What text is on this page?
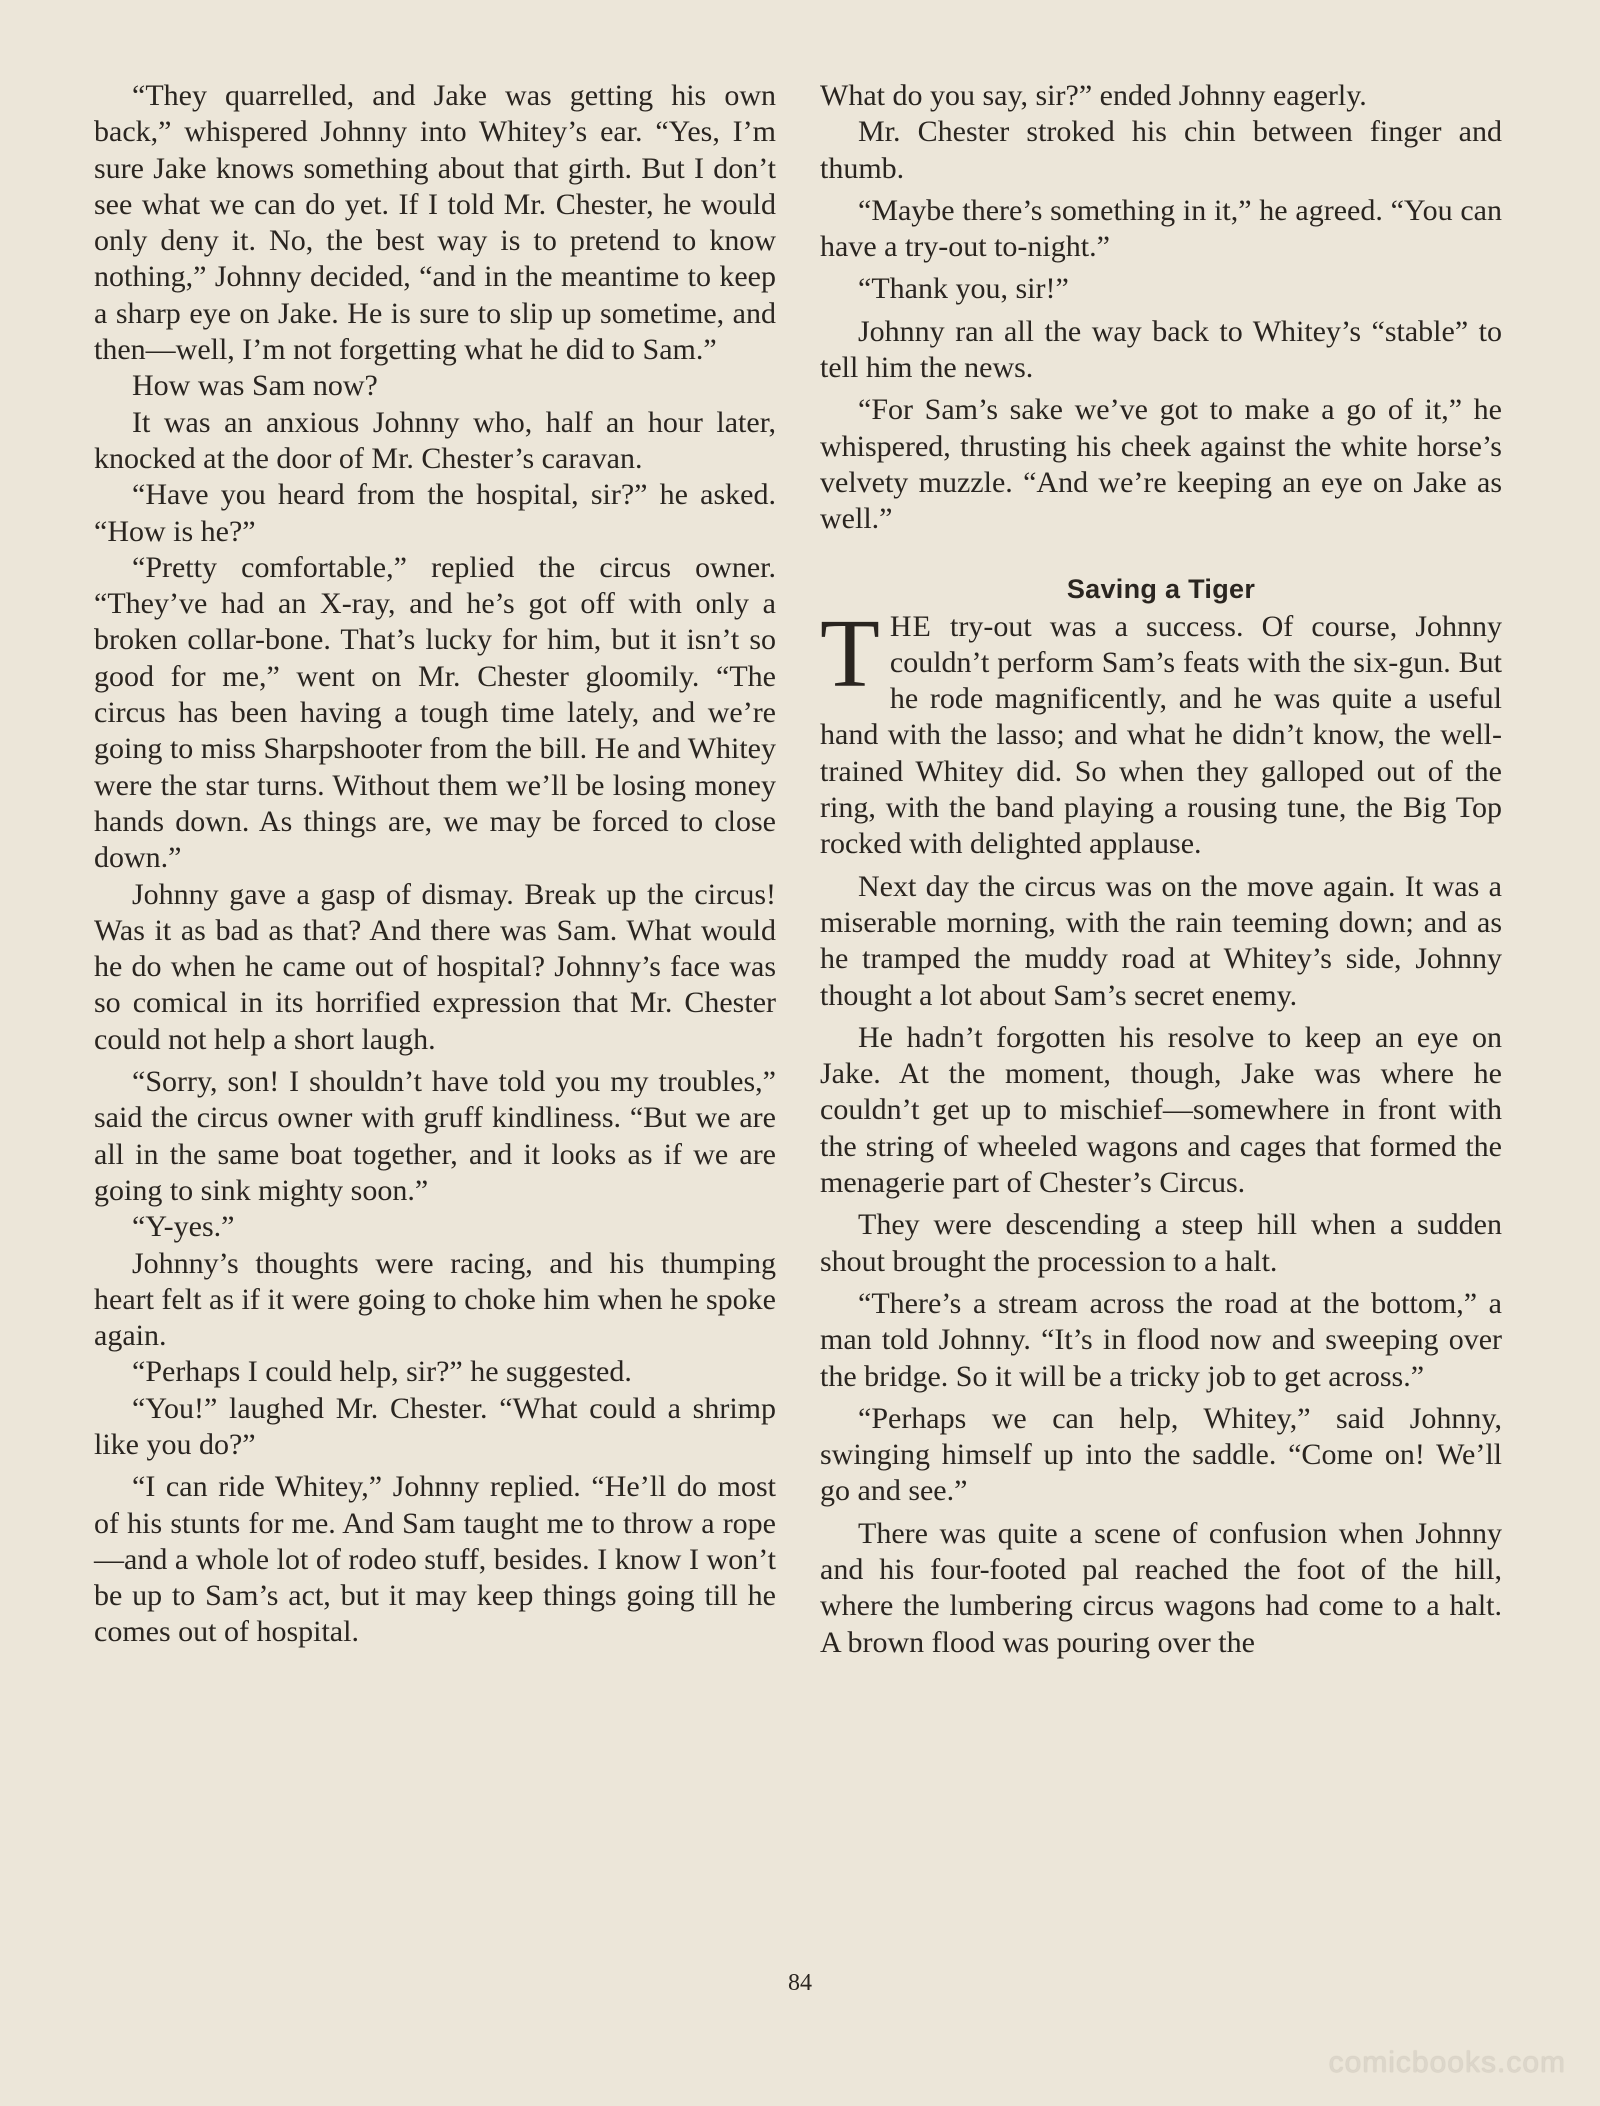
“They quarrelled, and Jake was getting his own back,” whispered Johnny into Whitey’s ear. “Yes, I’m sure Jake knows something about that girth. But I don’t see what we can do yet. If I told Mr. Chester, he would only deny it. No, the best way is to pretend to know nothing,” Johnny decided, “and in the meantime to keep a sharp eye on Jake. He is sure to slip up sometime, and then—well, I’m not forgetting what he did to Sam.”

How was Sam now?

It was an anxious Johnny who, half an hour later, knocked at the door of Mr. Chester’s caravan.

“Have you heard from the hospital, sir?” he asked. “How is he?”

“Pretty comfortable,” replied the circus owner. “They’ve had an X-ray, and he’s got off with only a broken collar-bone. That’s lucky for him, but it isn’t so good for me,” went on Mr. Chester gloomily. “The circus has been having a tough time lately, and we’re going to miss Sharpshooter from the bill. He and Whitey were the star turns. Without them we’ll be losing money hands down. As things are, we may be forced to close down.”

Johnny gave a gasp of dismay. Break up the circus! Was it as bad as that? And there was Sam. What would he do when he came out of hospital? Johnny’s face was so comical in its horrified expression that Mr. Chester could not help a short laugh.

“Sorry, son! I shouldn’t have told you my troubles,” said the circus owner with gruff kindliness. “But we are all in the same boat together, and it looks as if we are going to sink mighty soon.”

“Y-yes.”

Johnny’s thoughts were racing, and his thumping heart felt as if it were going to choke him when he spoke again.

“Perhaps I could help, sir?” he suggested.

“You!” laughed Mr. Chester. “What could a shrimp like you do?”

“I can ride Whitey,” Johnny replied. “He’ll do most of his stunts for me. And Sam taught me to throw a rope—and a whole lot of rodeo stuff, besides. I know I won’t be up to Sam’s act, but it may keep things going till he comes out of hospital.

What do you say, sir?” ended Johnny eagerly.

Mr. Chester stroked his chin between finger and thumb.

“Maybe there’s something in it,” he agreed. “You can have a try-out to-night.”

“Thank you, sir!”

Johnny ran all the way back to Whitey’s “stable” to tell him the news.

“For Sam’s sake we’ve got to make a go of it,” he whispered, thrusting his cheek against the white horse’s velvety muzzle. “And we’re keeping an eye on Jake as well.”

Saving a Tiger

THE try-out was a success. Of course, Johnny couldn’t perform Sam’s feats with the six-gun. But he rode magnificently, and he was quite a useful hand with the lasso; and what he didn’t know, the well-trained Whitey did. So when they galloped out of the ring, with the band playing a rousing tune, the Big Top rocked with delighted applause.

Next day the circus was on the move again. It was a miserable morning, with the rain teeming down; and as he tramped the muddy road at Whitey’s side, Johnny thought a lot about Sam’s secret enemy.

He hadn’t forgotten his resolve to keep an eye on Jake. At the moment, though, Jake was where he couldn’t get up to mischief—somewhere in front with the string of wheeled wagons and cages that formed the menagerie part of Chester’s Circus.

They were descending a steep hill when a sudden shout brought the procession to a halt.

“There’s a stream across the road at the bottom,” a man told Johnny. “It’s in flood now and sweeping over the bridge. So it will be a tricky job to get across.”

“Perhaps we can help, Whitey,” said Johnny, swinging himself up into the saddle. “Come on! We’ll go and see.”

There was quite a scene of confusion when Johnny and his four-footed pal reached the foot of the hill, where the lumbering circus wagons had come to a halt. A brown flood was pouring over the

84
comicbooks.com
